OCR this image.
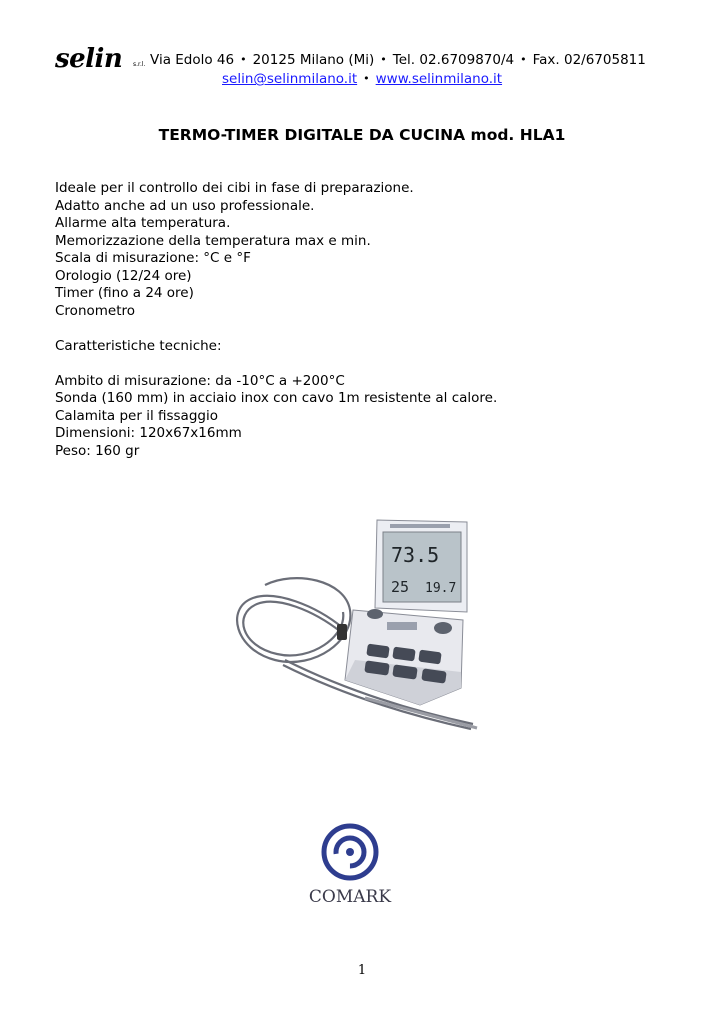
selin s.r.l. Via Edolo 46 • 20125 Milano (Mi) • Tel. 02.6709870/4 • Fax. 02/6705811
selin@selinmilano.it • www.selinmilano.it
TERMO-TIMER DIGITALE DA CUCINA mod. HLA1

Ideale per il controllo dei cibi in fase di preparazione.

Adatto anche ad un uso professionale.

Allarme alta temperatura.

Memorizzazione della temperatura max e min.

Scala di misurazione: °C e °F

Orologio (12/24 ore)

Timer (fino a 24 ore)

Cronometro

Caratteristiche tecniche:

Ambito di misurazione: da -10°C a +200°C

Sonda (160 mm) in acciaio inox con cavo 1m resistente al calore.

Calamita per il fissaggio

Dimensioni: 120x67x16mm

Peso: 160 gr

73.5
25 19.7
COMARK
1
